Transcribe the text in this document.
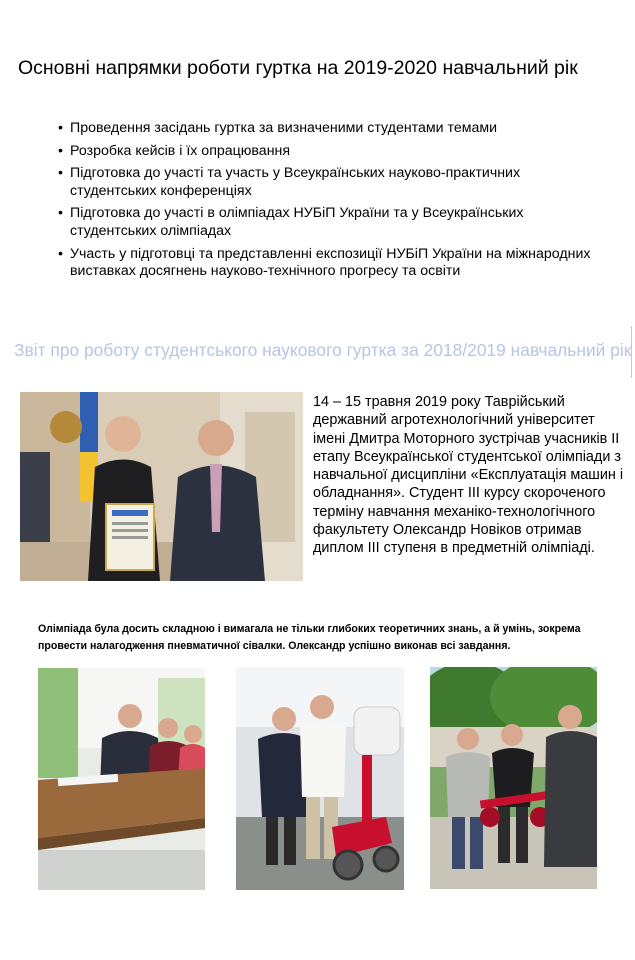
Основні напрямки роботи гуртка на 2019-2020 навчальний рік
• Проведення засідань гуртка за визначеними студентами темами
• Розробка кейсів і їх опрацювання
• Підготовка до участі та участь у Всеукраїнських науково-практичних студентських конференціях
• Підготовка до участі в олімпіадах НУБіП України та у Всеукраїнських студентських олімпіадах
• Участь у підготовці та представленні експозиції НУБіП України на міжнародних виставках досягнень науково-технічного прогресу та освіти
Звіт про роботу студентського наукового гуртка за 2018/2019 навчальний рік

14 – 15 травня 2019 року Таврійський державний агротехнологічний університет імені Дмитра Моторного зустрічав учасників ІІ етапу Всеукраїнської студентської олімпіади з навчальної дисципліни «Експлуатація машин і обладнання». Студент ІІІ курсу скороченого терміну навчання механіко-технологічного факультету Олександр Новіков отримав диплом ІІІ ступеня в предметній олімпіаді.

Олімпіада була досить складною і вимагала не тільки глибоких теоретичних знань, а й умінь, зокрема провести налагодження пневматичної сівалки. Олександр успішно виконав всі завдання.
